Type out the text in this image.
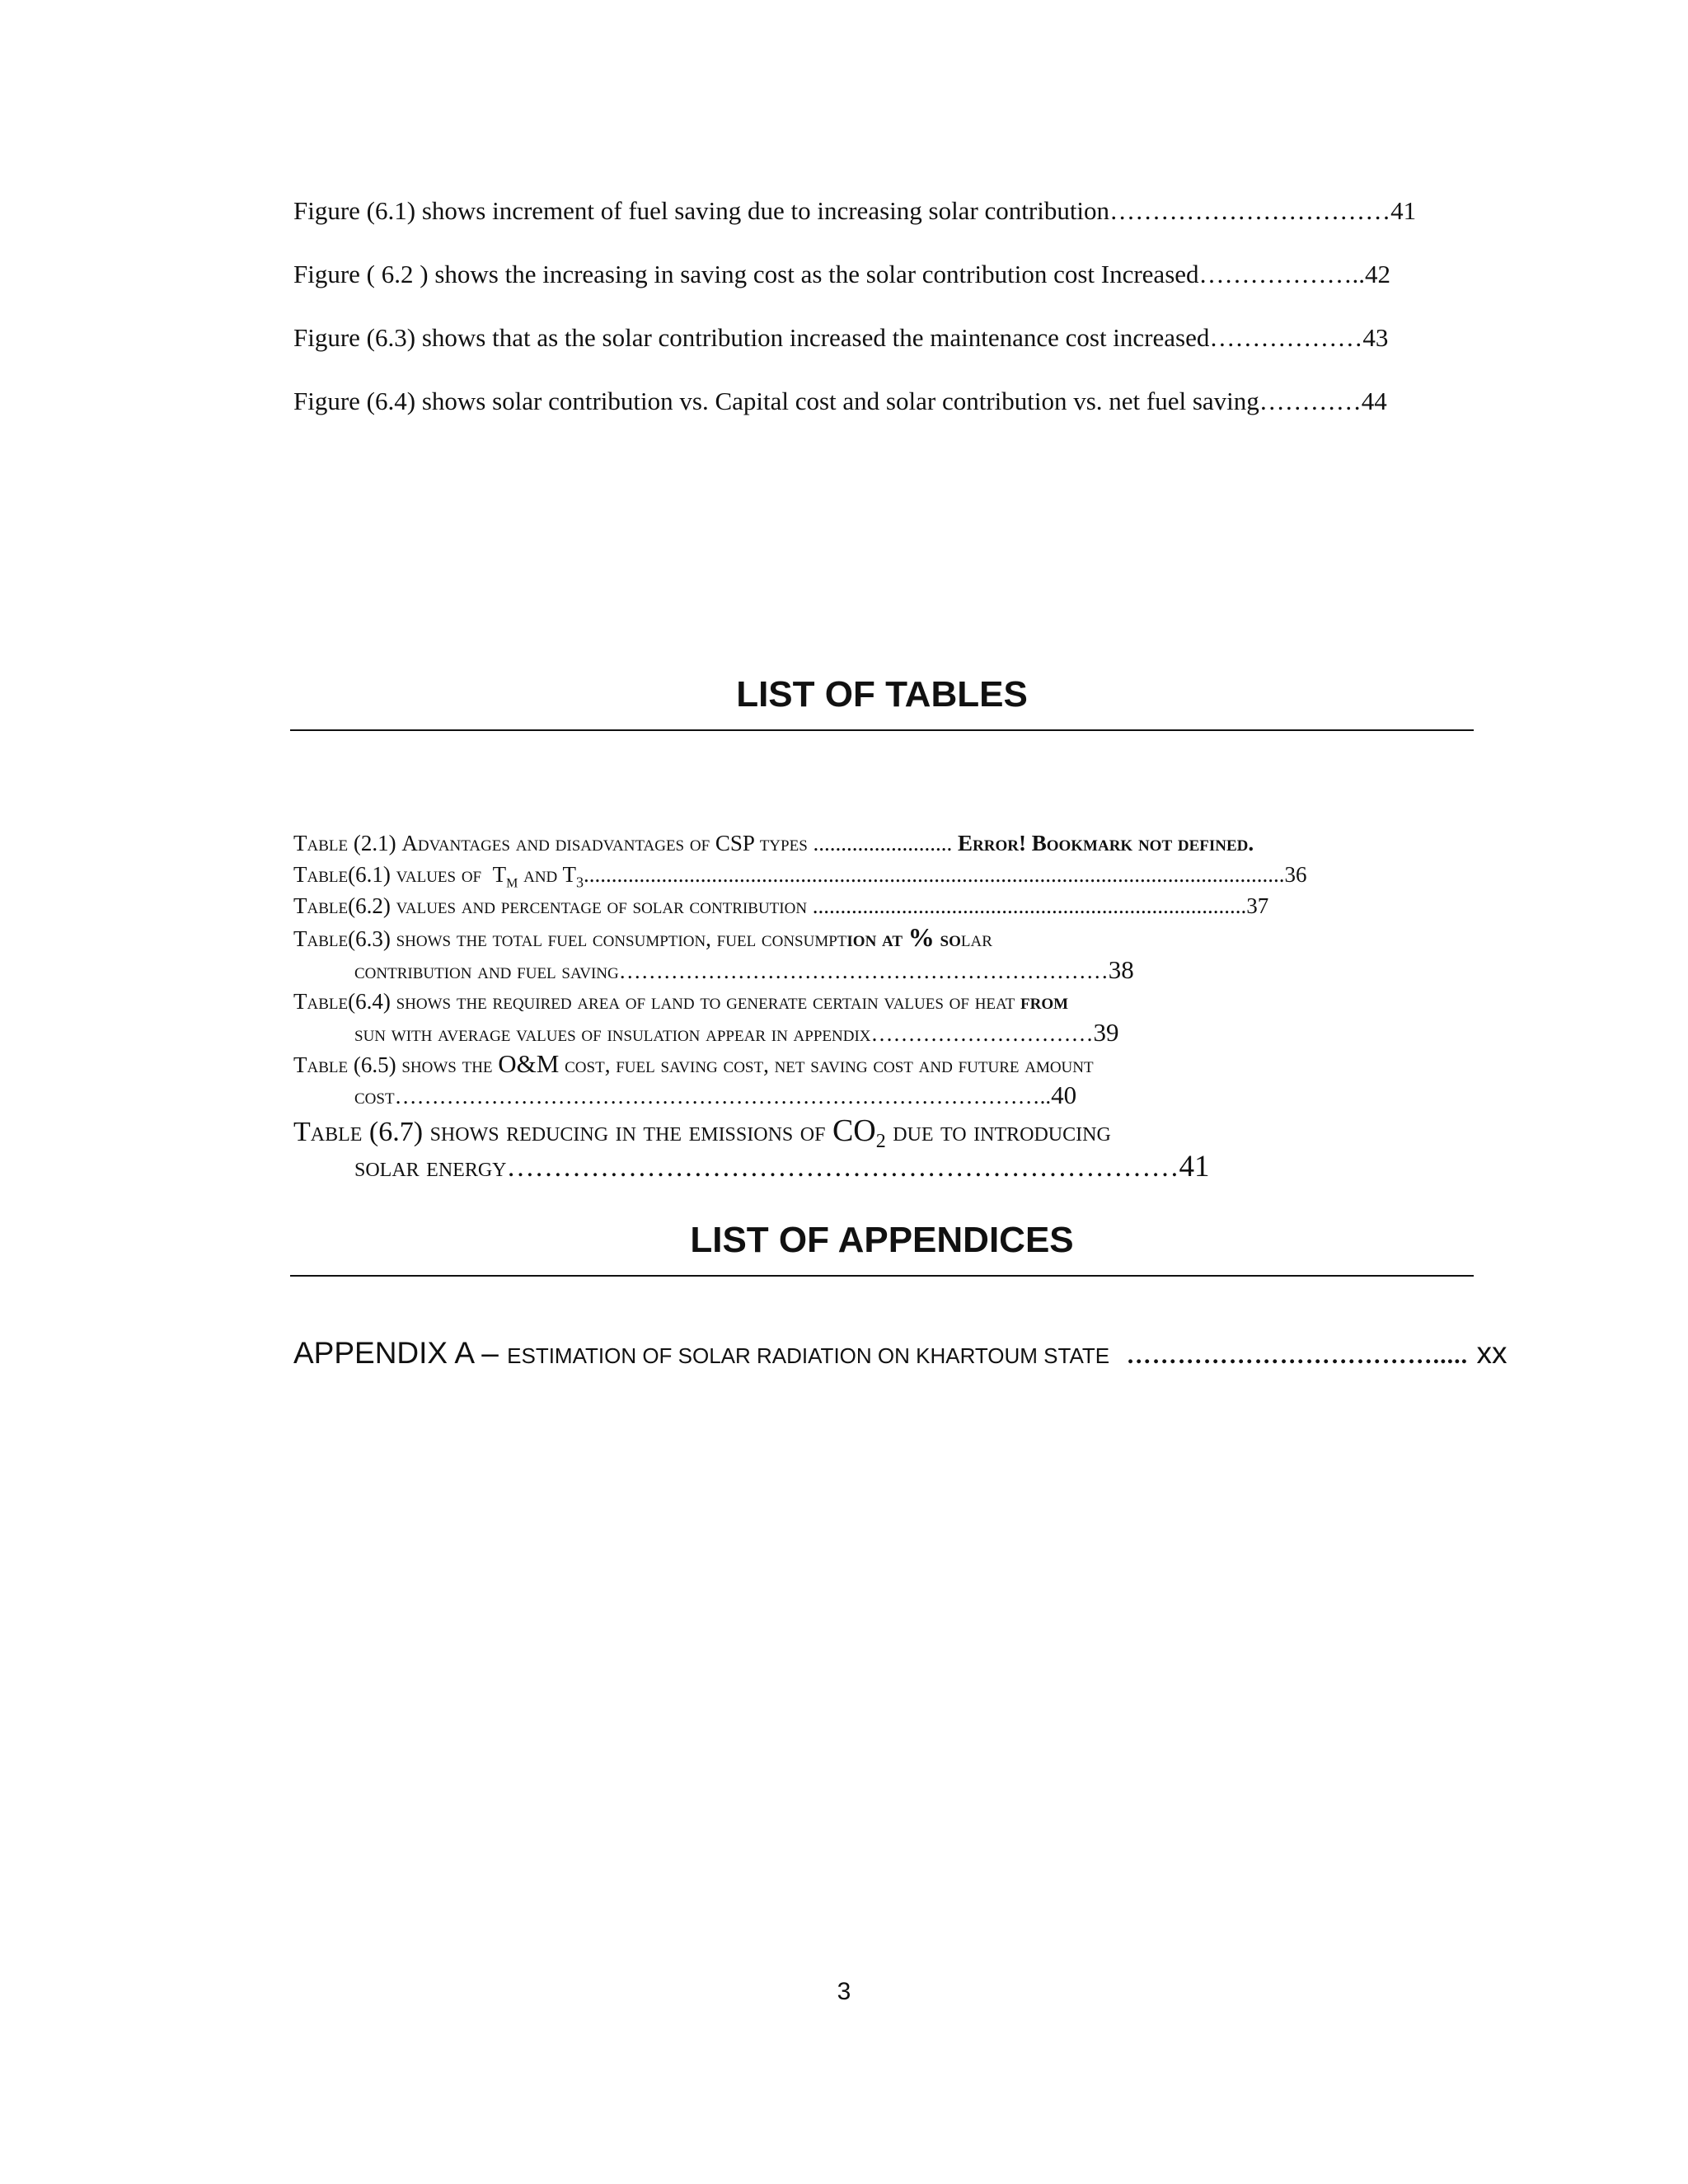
Figure (6.1) shows increment of fuel saving due to increasing solar contribution……………………………41
Figure ( 6.2 ) shows the increasing in saving cost as the solar contribution cost Increased………………..42
Figure (6.3) shows that as the solar contribution increased the maintenance cost increased………………43
Figure (6.4) shows solar contribution vs. Capital cost and solar contribution vs. net fuel saving…………44
LIST OF TABLES
Table (2.1) Advantages and disadvantages of CSP types ......................... Error! Bookmark not defined.
Table(6.1) values of $T_M$ and $T_3$..............................................................................................................................36
Table(6.2) values and percentage of solar contribution ..............................................................................37
Table(6.3) shows the total fuel consumption, fuel consumption at % solar
contribution and fuel saving…………………………………………………………38
Table(6.4) shows the required area of land to generate certain values of heat from
sun with average values of insulation appear in appendix…………………………39
Table (6.5) shows the O&M cost, fuel saving cost, net saving cost and future amount
cost……………………………………………………………………………..40
Table (6.7) shows reducing in the emissions of $CO_2$ due to introducing
solar energy………………………………………………………………41
LIST OF APPENDICES
APPENDIX A – ESTIMATION OF SOLAR RADIATION ON KHARTOUM STATE ………………………………..... xx
3
